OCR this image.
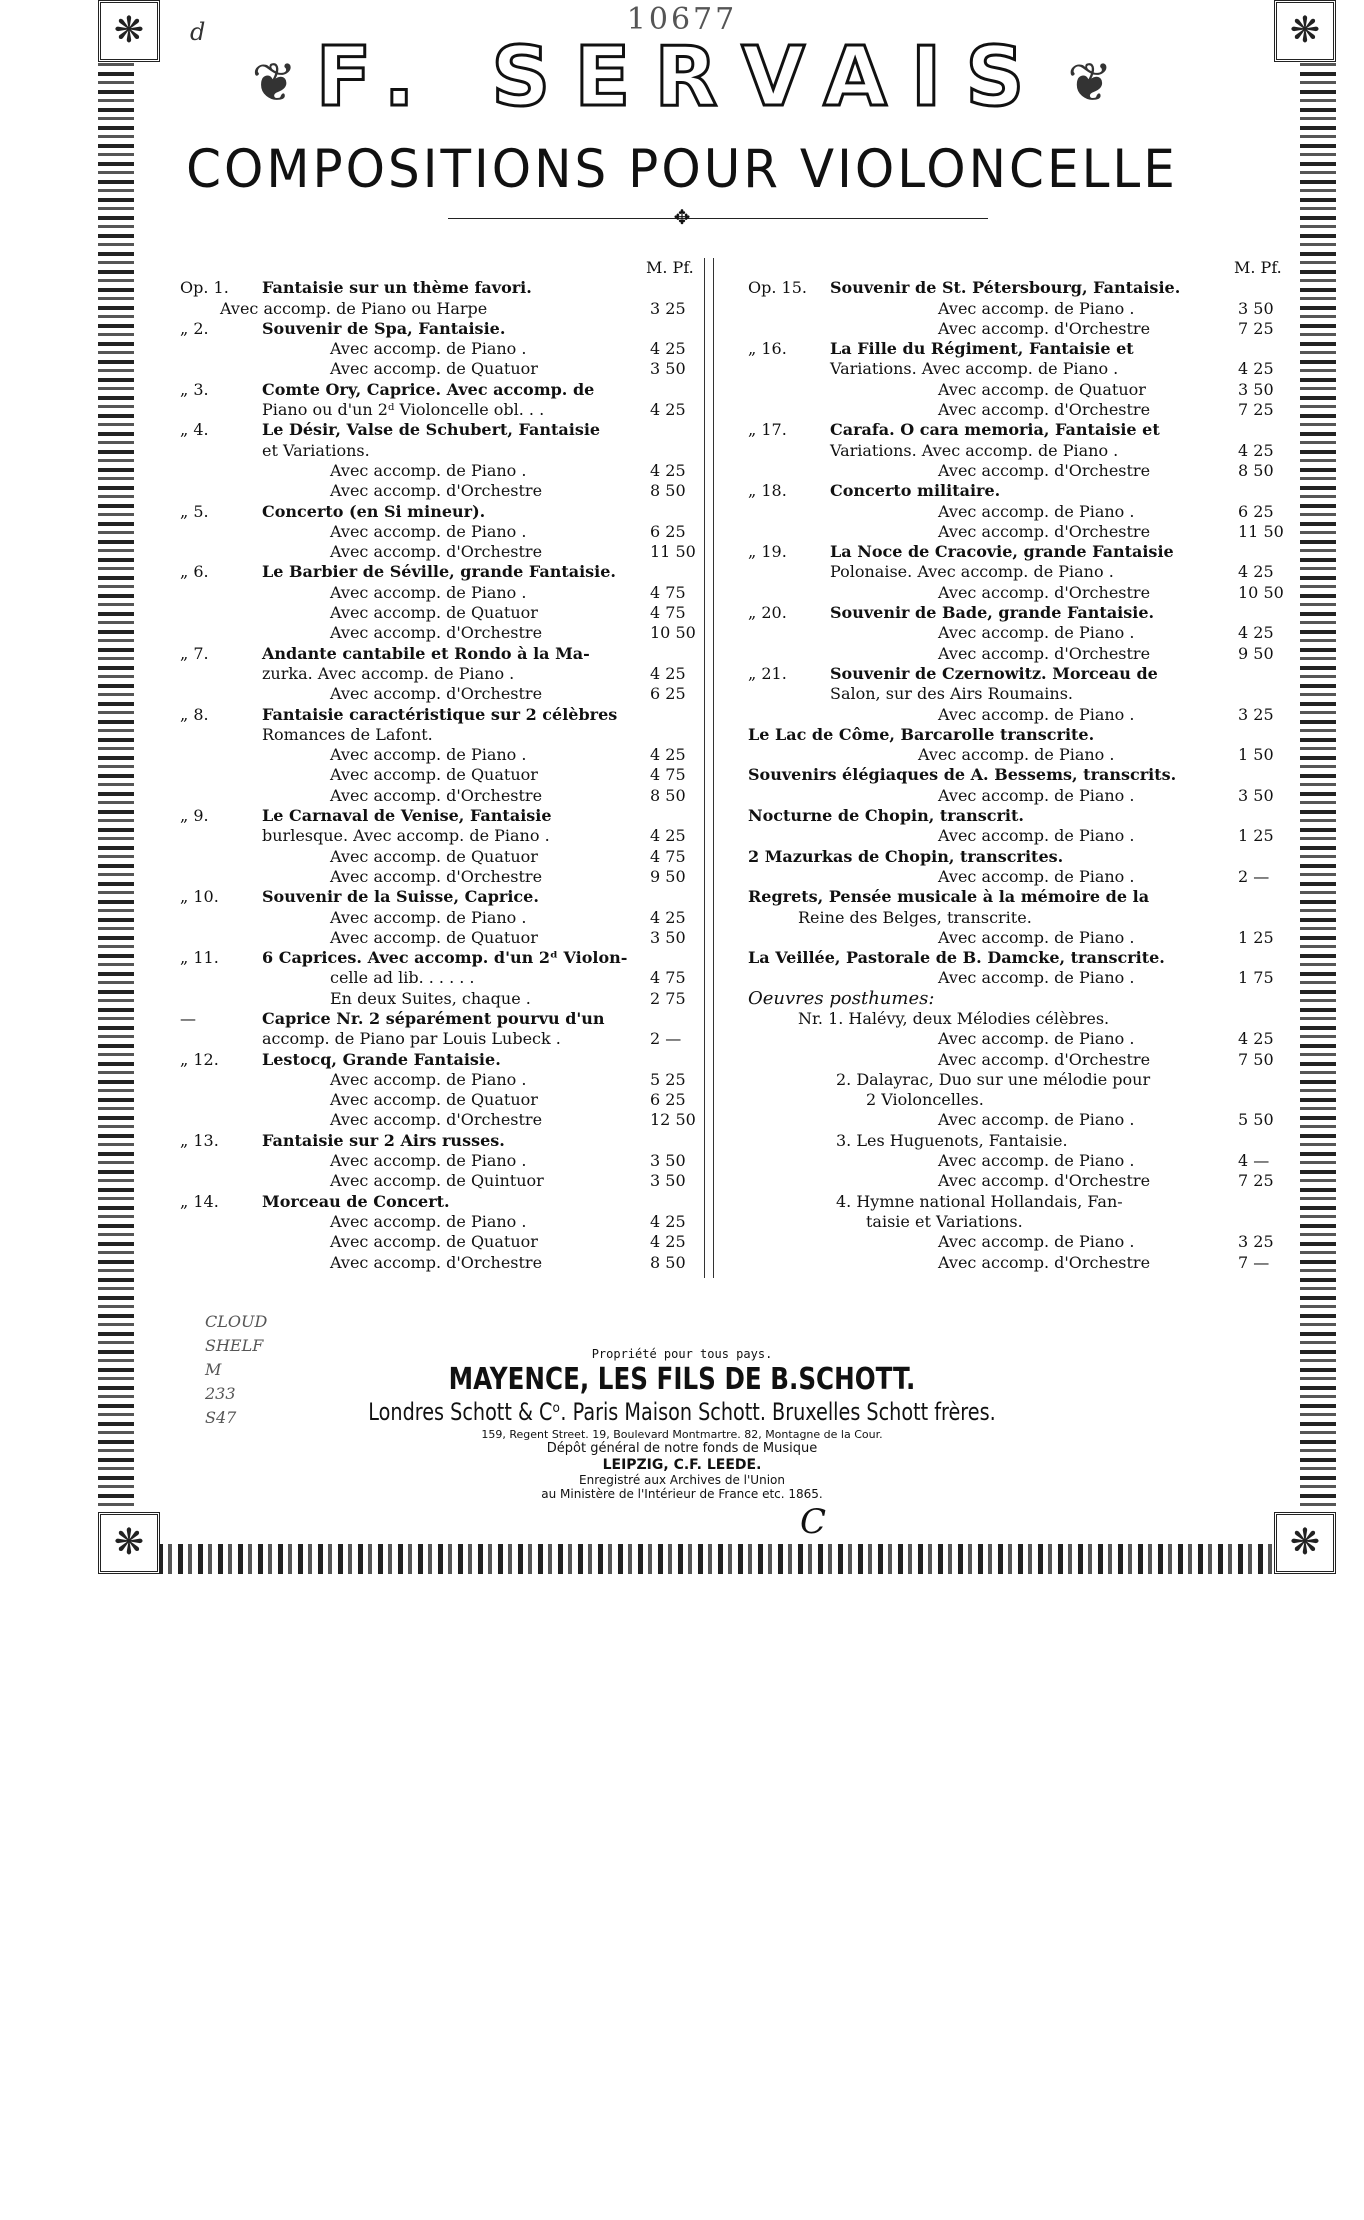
❋
❋
❋
❋
10677
d
❦ F. SERVAIS ❦
COMPOSITIONS POUR VIOLONCELLE
✥
M. Pf.
Op. 1. Fantaisie sur un thème favori.
Avec accomp. de Piano ou Harpe	3 25
„ 2.	Souvenir de Spa, Fantaisie.
Avec accomp. de Piano .	4 25
Avec accomp. de Quatuor	3 50
„ 3.	Comte Ory, Caprice. Avec accomp. de
Piano ou d'un 2ᵈ Violoncelle obl. . .	4 25
„ 4.	Le Désir, Valse de Schubert, Fantaisie
et Variations.
Avec accomp. de Piano .	4 25
Avec accomp. d'Orchestre	8 50
„ 5.	Concerto (en Si mineur).
Avec accomp. de Piano .	6 25
Avec accomp. d'Orchestre	11 50
„ 6.	Le Barbier de Séville, grande Fantaisie.
Avec accomp. de Piano .	4 75
Avec accomp. de Quatuor	4 75
Avec accomp. d'Orchestre	10 50
„ 7.	Andante cantabile et Rondo à la Ma-
zurka. Avec accomp. de Piano .	4 25
Avec accomp. d'Orchestre	6 25
„ 8.	Fantaisie caractéristique sur 2 célèbres
Romances de Lafont.
Avec accomp. de Piano .	4 25
Avec accomp. de Quatuor	4 75
Avec accomp. d'Orchestre	8 50
„ 9.	Le Carnaval de Venise, Fantaisie
burlesque. Avec accomp. de Piano .	4 25
Avec accomp. de Quatuor	4 75
Avec accomp. d'Orchestre	9 50
„ 10.	Souvenir de la Suisse, Caprice.
Avec accomp. de Piano .	4 25
Avec accomp. de Quatuor	3 50
„ 11.	6 Caprices. Avec accomp. d'un 2ᵈ Violon-
celle ad lib. . . . . .	4 75
En deux Suites, chaque .	2 75
—	Caprice Nr. 2 séparément pourvu d'un
accomp. de Piano par Louis Lubeck .	2 —
„ 12.	Lestocq, Grande Fantaisie.
Avec accomp. de Piano .	5 25
Avec accomp. de Quatuor	6 25
Avec accomp. d'Orchestre	12 50
„ 13.	Fantaisie sur 2 Airs russes.
Avec accomp. de Piano .	3 50
Avec accomp. de Quintuor	3 50
„ 14.	Morceau de Concert.
Avec accomp. de Piano .	4 25
Avec accomp. de Quatuor	4 25
Avec accomp. d'Orchestre	8 50
M. Pf.
Op. 15. Souvenir de St. Pétersbourg, Fantaisie.
Avec accomp. de Piano .	3 50
Avec accomp. d'Orchestre	7 25
„ 16.	La Fille du Régiment, Fantaisie et
Variations. Avec accomp. de Piano .	4 25
Avec accomp. de Quatuor	3 50
Avec accomp. d'Orchestre	7 25
„ 17.	Carafa. O cara memoria, Fantaisie et
Variations. Avec accomp. de Piano .	4 25
Avec accomp. d'Orchestre	8 50
„ 18.	Concerto militaire.
Avec accomp. de Piano .	6 25
Avec accomp. d'Orchestre	11 50
„ 19.	La Noce de Cracovie, grande Fantaisie
Polonaise. Avec accomp. de Piano .	4 25
Avec accomp. d'Orchestre	10 50
„ 20.	Souvenir de Bade, grande Fantaisie.
Avec accomp. de Piano .	4 25
Avec accomp. d'Orchestre	9 50
„ 21.	Souvenir de Czernowitz. Morceau de
Salon, sur des Airs Roumains.
Avec accomp. de Piano .	3 25
Le Lac de Côme, Barcarolle transcrite.
Avec accomp. de Piano .	1 50
Souvenirs élégiaques de A. Bessems, transcrits.
Avec accomp. de Piano .	3 50
Nocturne de Chopin, transcrit.
Avec accomp. de Piano .	1 25
2 Mazurkas de Chopin, transcrites.
Avec accomp. de Piano .	2 —
Regrets, Pensée musicale à la mémoire de la
Reine des Belges, transcrite.
Avec accomp. de Piano .	1 25
La Veillée, Pastorale de B. Damcke, transcrite.
Avec accomp. de Piano .	1 75
Oeuvres posthumes:
Nr. 1. Halévy, deux Mélodies célèbres.
Avec accomp. de Piano .	4 25
Avec accomp. d'Orchestre	7 50
2. Dalayrac, Duo sur une mélodie pour
2 Violoncelles.
Avec accomp. de Piano .	5 50
3. Les Huguenots, Fantaisie.
Avec accomp. de Piano .	4 —
Avec accomp. d'Orchestre	7 25
4. Hymne national Hollandais, Fan-
taisie et Variations.
Avec accomp. de Piano .	3 25
Avec accomp. d'Orchestre	7 —
CLOUD
SHELF
M
233
S47
Propriété pour tous pays.
MAYENCE, LES FILS DE B.SCHOTT.
Londres Schott & Cᵒ. Paris Maison Schott. Bruxelles Schott frères.
159, Regent Street. 19, Boulevard Montmartre. 82, Montagne de la Cour.
Dépôt général de notre fonds de Musique
LEIPZIG, C.F. LEEDE.
Enregistré aux Archives de l'Union
au Ministère de l'Intérieur de France etc. 1865.
C
